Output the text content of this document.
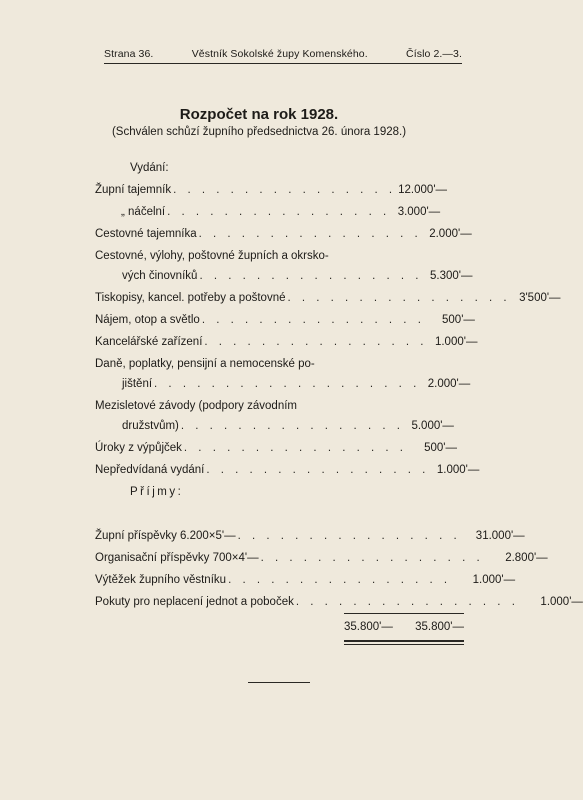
Strana 36.	Věstník Sokolské župy Komenského.	Číslo 2.—3.
Rozpočet na rok 1928.
(Schválen schůzí župního předsednictva 26. února 1928.)
Vydání:
Župní tajemník . . . . . . . . . . . . . . . . 12.000'—
„ náčelní . . . . . . . . . . . . . . . . 3.000'—
Cestovné tajemníka . . . . . . . . . . . . . . . . 2.000'—
Cestovné, výlohy, poštovné župních a okrsko-
vých činovníků . . . . . . . . . . . . . . . . 5.300'—
Tiskopisy, kancel. potřeby a poštovné . . . . . . . . . . . . . . . . 3'500'—
Nájem, otop a světlo . . . . . . . . . . . . . . . .	500'—
Kancelářské zařízení . . . . . . . . . . . . . . . . 1.000'—
Daně, poplatky, pensijní a nemocenské po-
jištění . . . . . . . . . . . . . . . . . . . 2.000'—
Mezisletové závody (podpory závodním
družstvům) . . . . . . . . . . . . . . . . 5.000'—
Úroky z výpůjček . . . . . . . . . . . . . . . .	500'—
Nepředvídaná vydání . . . . . . . . . . . . . . . . 1.000'—
Příjmy:
Župní příspěvky 6.200×5'— . . . . . . . . . . . . . . . .	31.000'—
Organisační příspěvky 700×4'— . . . . . . . . . . . . . . . .	2.800'—
Výtěžek župního věstníku . . . . . . . . . . . . . . . .	1.000'—
Pokuty pro neplacení jednot a poboček . . . . . . . . . . . . . . . .	1.000'—
35.800'— 35.800'—
